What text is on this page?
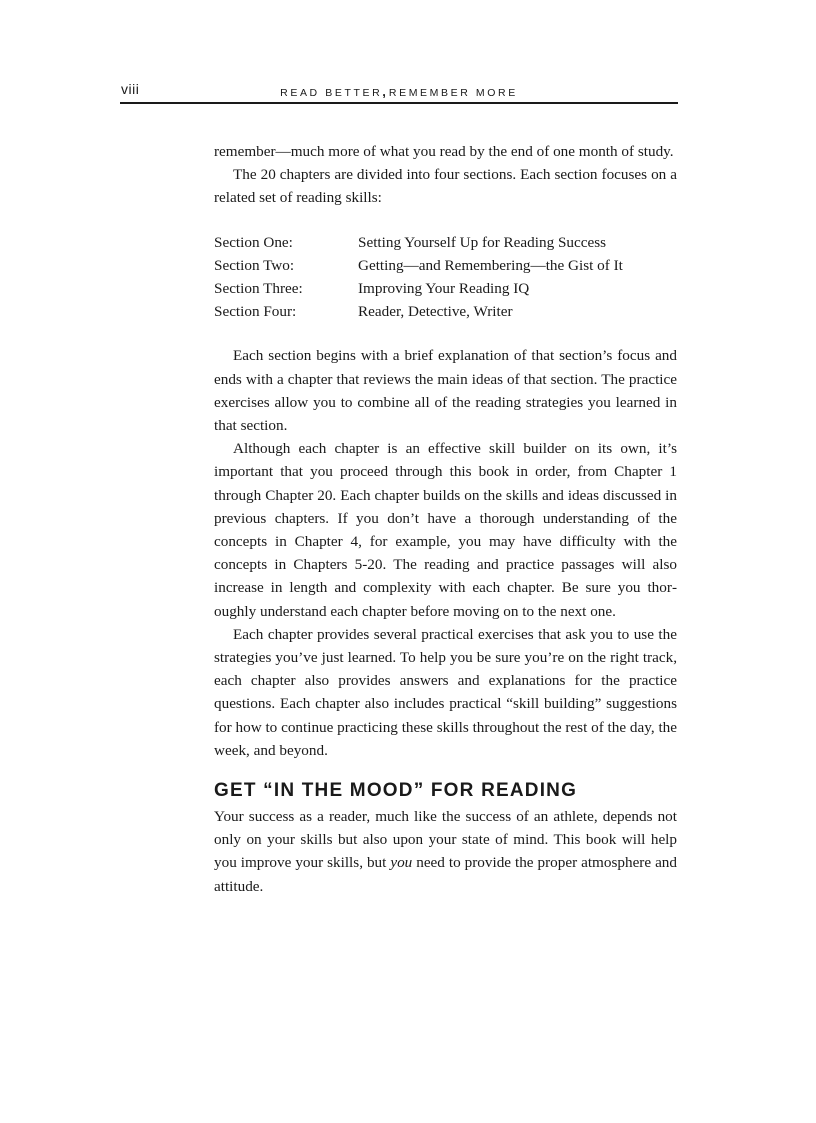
viii	READ BETTER, REMEMBER MORE

remember—much more of what you read by the end of one month of study.

The 20 chapters are divided into four sections. Each section focuses on a related set of reading skills:

Section One:	Setting Yourself Up for Reading Success
Section Two:	Getting—and Remembering—the Gist of It
Section Three:	Improving Your Reading IQ
Section Four:	Reader, Detective, Writer

Each section begins with a brief explanation of that section’s focus and ends with a chapter that reviews the main ideas of that section. The practice exercises allow you to combine all of the reading strategies you learned in that section.

Although each chapter is an effective skill builder on its own, it’s important that you proceed through this book in order, from Chapter 1 through Chapter 20. Each chapter builds on the skills and ideas discussed in previous chapters. If you don’t have a thorough understanding of the concepts in Chapter 4, for example, you may have difficulty with the concepts in Chapters 5-20. The reading and practice passages will also increase in length and complexity with each chapter. Be sure you thoroughly understand each chapter before moving on to the next one.

Each chapter provides several practical exercises that ask you to use the strategies you’ve just learned. To help you be sure you’re on the right track, each chapter also provides answers and explanations for the practice questions. Each chapter also includes practical “skill building” suggestions for how to continue practicing these skills throughout the rest of the day, the week, and beyond.

GET “IN THE MOOD” FOR READING

Your success as a reader, much like the success of an athlete, depends not only on your skills but also upon your state of mind. This book will help you improve your skills, but you need to provide the proper atmosphere and attitude.
